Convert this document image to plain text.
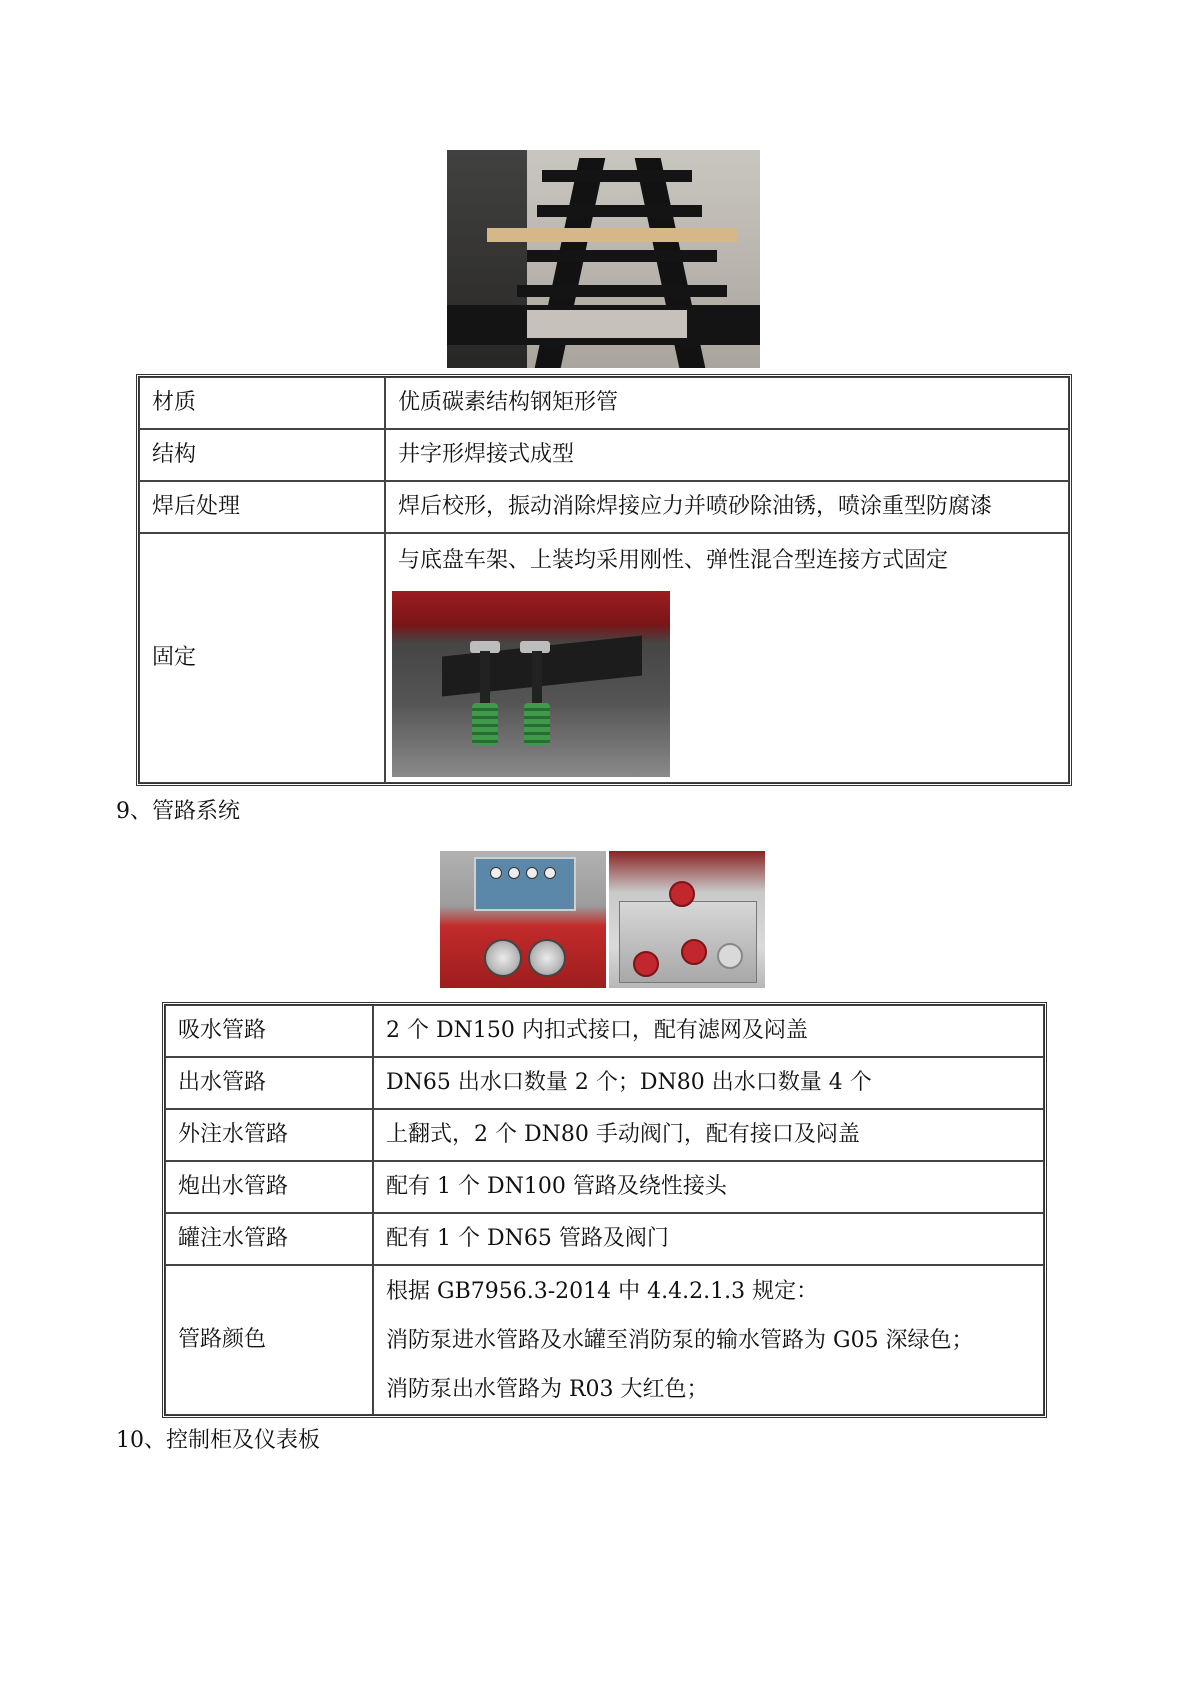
材质	优质碳素结构钢矩形管
结构	井字形焊接式成型
焊后处理	焊后校形，振动消除焊接应力并喷砂除油锈，喷涂重型防腐漆
固定	与底盘车架、上装均采用刚性、弹性混合型连接方式固定

9、管路系统

吸水管路	2 个 DN150 内扣式接口，配有滤网及闷盖
出水管路	DN65 出水口数量 2 个；DN80 出水口数量 4 个
外注水管路	上翻式，2 个 DN80 手动阀门，配有接口及闷盖
炮出水管路	配有 1 个 DN100 管路及绕性接头
罐注水管路	配有 1 个 DN65 管路及阀门
管路颜色	根据 GB7956.3-2014 中 4.4.2.1.3 规定：

消防泵进水管路及水罐至消防泵的输水管路为 G05 深绿色；

消防泵出水管路为 R03 大红色；

10、控制柜及仪表板
